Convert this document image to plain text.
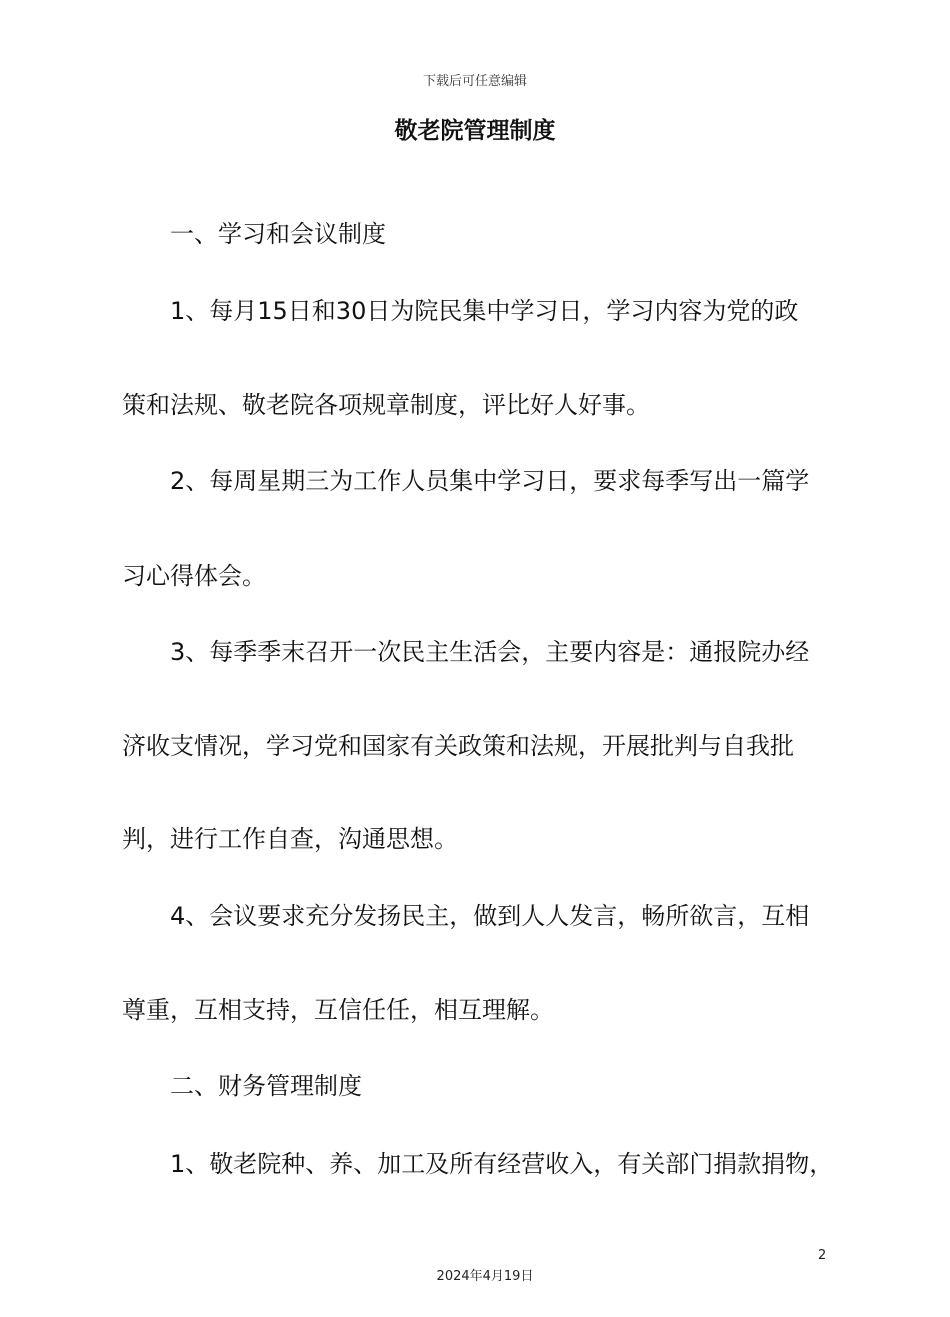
下载后可任意编辑
敬老院管理制度

一、学习和会议制度

1、每月15日和30日为院民集中学习日，学习内容为党的政

策和法规、敬老院各项规章制度，评比好人好事。

2、每周星期三为工作人员集中学习日，要求每季写出一篇学

习心得体会。

3、每季季末召开一次民主生活会，主要内容是：通报院办经

济收支情况，学习党和国家有关政策和法规，开展批判与自我批

判，进行工作自查，沟通思想。

4、会议要求充分发扬民主，做到人人发言，畅所欲言，互相

尊重，互相支持，互信任任，相互理解。

二、财务管理制度

1、敬老院种、养、加工及所有经营收入，有关部门捐款捐物，

2
2024年4月19日
